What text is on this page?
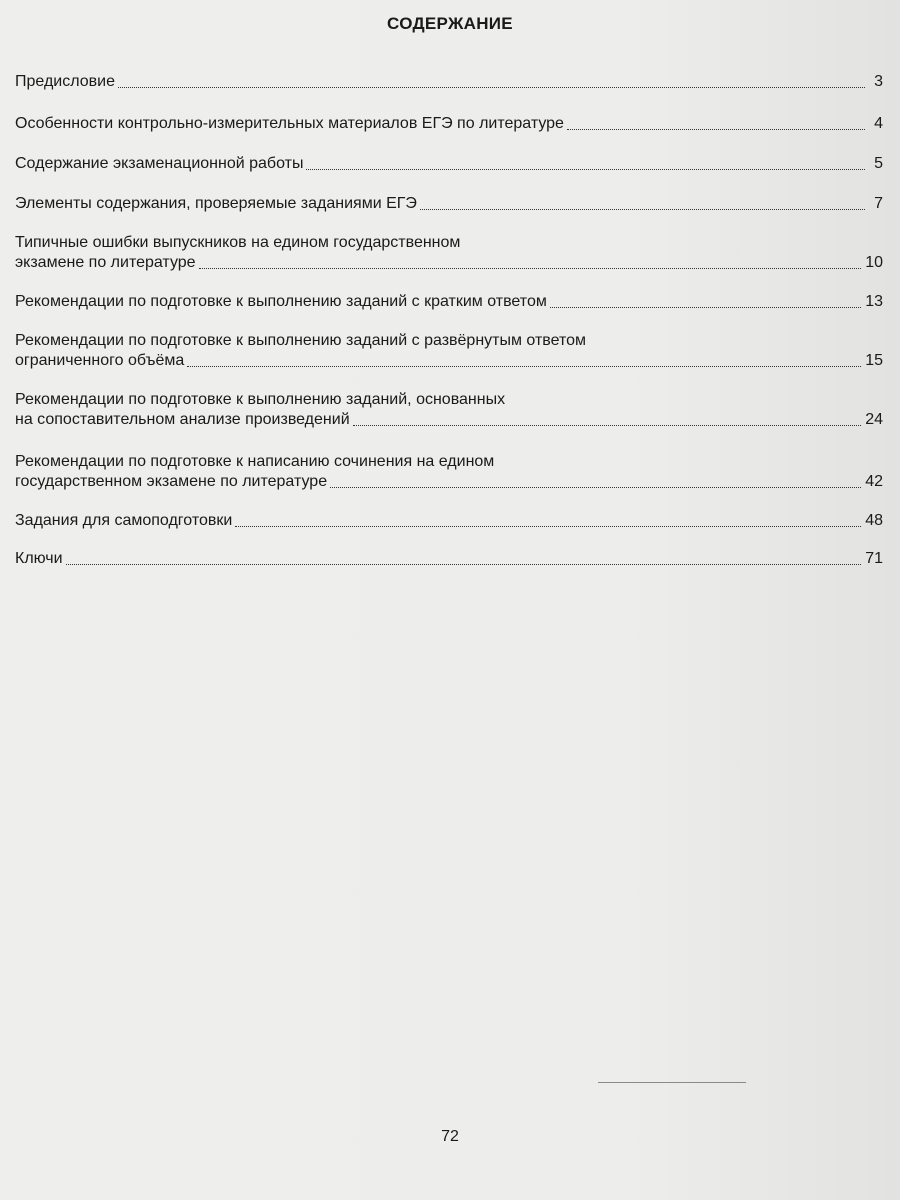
СОДЕРЖАНИЕ
Предисловие	3
Особенности контрольно-измерительных материалов ЕГЭ по литературе	4
Содержание экзаменационной работы	5
Элементы содержания, проверяемые заданиями ЕГЭ	7
Типичные ошибки выпускников на едином государственном
экзамене по литературе	10
Рекомендации по подготовке к выполнению заданий с кратким ответом	13
Рекомендации по подготовке к выполнению заданий с развёрнутым ответом
ограниченного объёма	15
Рекомендации по подготовке к выполнению заданий, основанных
на сопоставительном анализе произведений	24
Рекомендации по подготовке к написанию сочинения на едином
государственном экзамене по литературе	42
Задания для самоподготовки	48
Ключи	71
72
